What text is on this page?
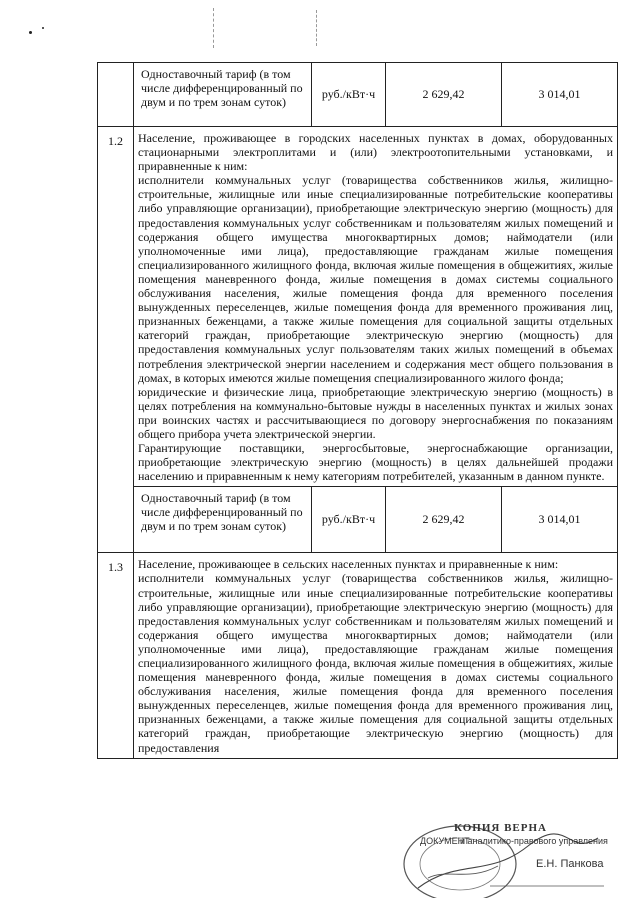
	Одноставочный тариф (в том числе дифференцированный по двум и по трем зонам суток)	руб./кВт·ч	2 629,42	3 014,01
1.2	Население, проживающее в городских населенных пунктах в домах, оборудованных стационарными электроплитами и (или) электроотопительными установками, и приравненные к ним:

исполнители коммунальных услуг (товарищества собственников жилья, жилищно-строительные, жилищные или иные специализированные потребительские кооперативы либо управляющие организации), приобретающие электрическую энергию (мощность) для предоставления коммунальных услуг собственникам и пользователям жилых помещений и содержания общего имущества многоквартирных домов; наймодатели (или уполномоченные ими лица), предоставляющие гражданам жилые помещения специализированного жилищного фонда, включая жилые помещения в общежитиях, жилые помещения маневренного фонда, жилые помещения в домах системы социального обслуживания населения, жилые помещения фонда для временного поселения вынужденных переселенцев, жилые помещения фонда для временного проживания лиц, признанных беженцами, а также жилые помещения для социальной защиты отдельных категорий граждан, приобретающие электрическую энергию (мощность) для предоставления коммунальных услуг пользователям таких жилых помещений в объемах потребления электрической энергии населением и содержания мест общего пользования в домах, в которых имеются жилые помещения специализированного жилого фонда;

юридические и физические лица, приобретающие электрическую энергию (мощность) в целях потребления на коммунально-бытовые нужды в населенных пунктах и жилых зонах при воинских частях и рассчитывающиеся по договору энергоснабжения по показаниям общего прибора учета электрической энергии.

Гарантирующие поставщики, энергосбытовые, энергоснабжающие организации, приобретающие электрическую энергию (мощность) в целях дальнейшей продажи населению и приравненным к нему категориям потребителей, указанным в данном пункте.			

	Одноставочный тариф (в том числе дифференцированный по двум и по трем зонам суток)	руб./кВт·ч	2 629,42	3 014,01
1.3	Население, проживающее в сельских населенных пунктах и приравненные к ним:

исполнители коммунальных услуг (товарищества собственников жилья, жилищно-строительные, жилищные или иные специализированные потребительские кооперативы либо управляющие организации), приобретающие электрическую энергию (мощность) для предоставления коммунальных услуг собственникам и пользователям жилых помещений и содержания общего имущества многоквартирных домов; наймодатели (или уполномоченные ими лица), предоставляющие гражданам жилые помещения специализированного жилищного фонда, включая жилые помещения в общежитиях, жилые помещения маневренного фонда, жилые помещения в домах системы социального обслуживания населения, жилые помещения фонда для временного поселения вынужденных переселенцев, жилые помещения фонда для временного проживания лиц, признанных беженцами, а также жилые помещения для социальной защиты отдельных категорий граждан, приобретающие электрическую энергию (мощность) для предоставления			

КОПИЯ ВЕРНА
ДОКУМЕНТ
и аналитико-правового управления
Е.Н. Панкова
